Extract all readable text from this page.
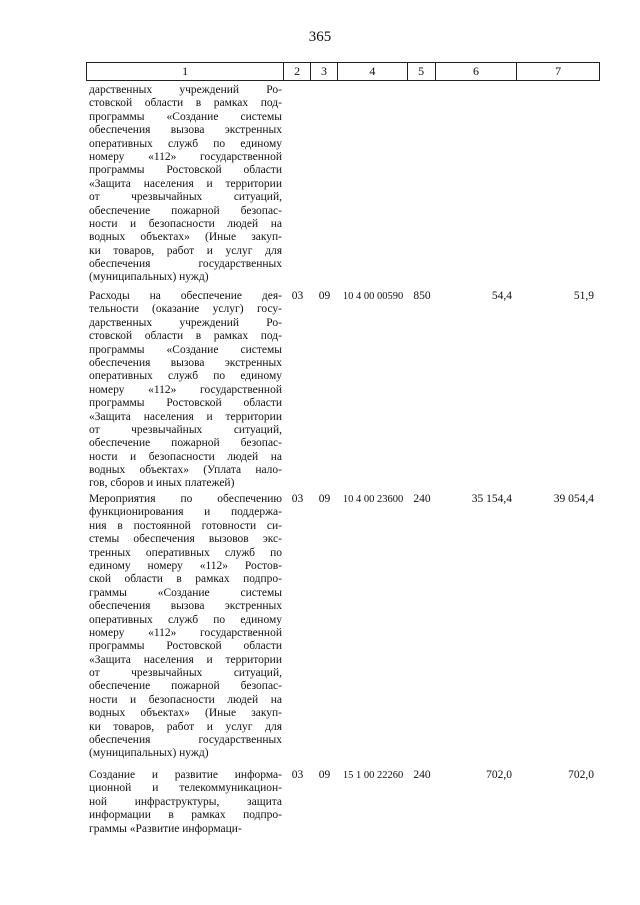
365
1	2	3	4	5	6	7
дарственных учреждений Ро-
стовской области в рамках под-
программы «Создание системы
обеспечения вызова экстренных
оперативных служб по единому
номеру «112» государственной
программы Ростовской области
«Защита населения и территории
от чрезвычайных ситуаций,
обеспечение пожарной безопас-
ности и безопасности людей на
водных объектах» (Иные закуп-
ки товаров, работ и услуг для
обеспечения государственных
(муниципальных) нужд)
Расходы на обеспечение дея-
тельности (оказание услуг) госу-
дарственных учреждений Ро-
стовской области в рамках под-
программы «Создание системы
обеспечения вызова экстренных
оперативных служб по единому
номеру «112» государственной
программы Ростовской области
«Защита населения и территории
от чрезвычайных ситуаций,
обеспечение пожарной безопас-
ности и безопасности людей на
водных объектах» (Уплата нало-
гов, сборов и иных платежей)
03	09	10 4 00 00590 850	54,4	51,9
Мероприятия по обеспечению
функционирования и поддержа-
ния в постоянной готовности си-
стемы обеспечения вызовов экс-
тренных оперативных служб по
единому номеру «112» Ростов-
ской области в рамках подпро-
граммы «Создание системы
обеспечения вызова экстренных
оперативных служб по единому
номеру «112» государственной
программы Ростовской области
«Защита населения и территории
от чрезвычайных ситуаций,
обеспечение пожарной безопас-
ности и безопасности людей на
водных объектах» (Иные закуп-
ки товаров, работ и услуг для
обеспечения государственных
(муниципальных) нужд)
03	09	10 4 00 23600 240	35 154,4	39 054,4
Создание и развитие информа-
ционной и телекоммуникацион-
ной инфраструктуры, защита
информации в рамках подпро-
граммы «Развитие информаци-
03	09	15 1 00 22260 240	702,0	702,0
